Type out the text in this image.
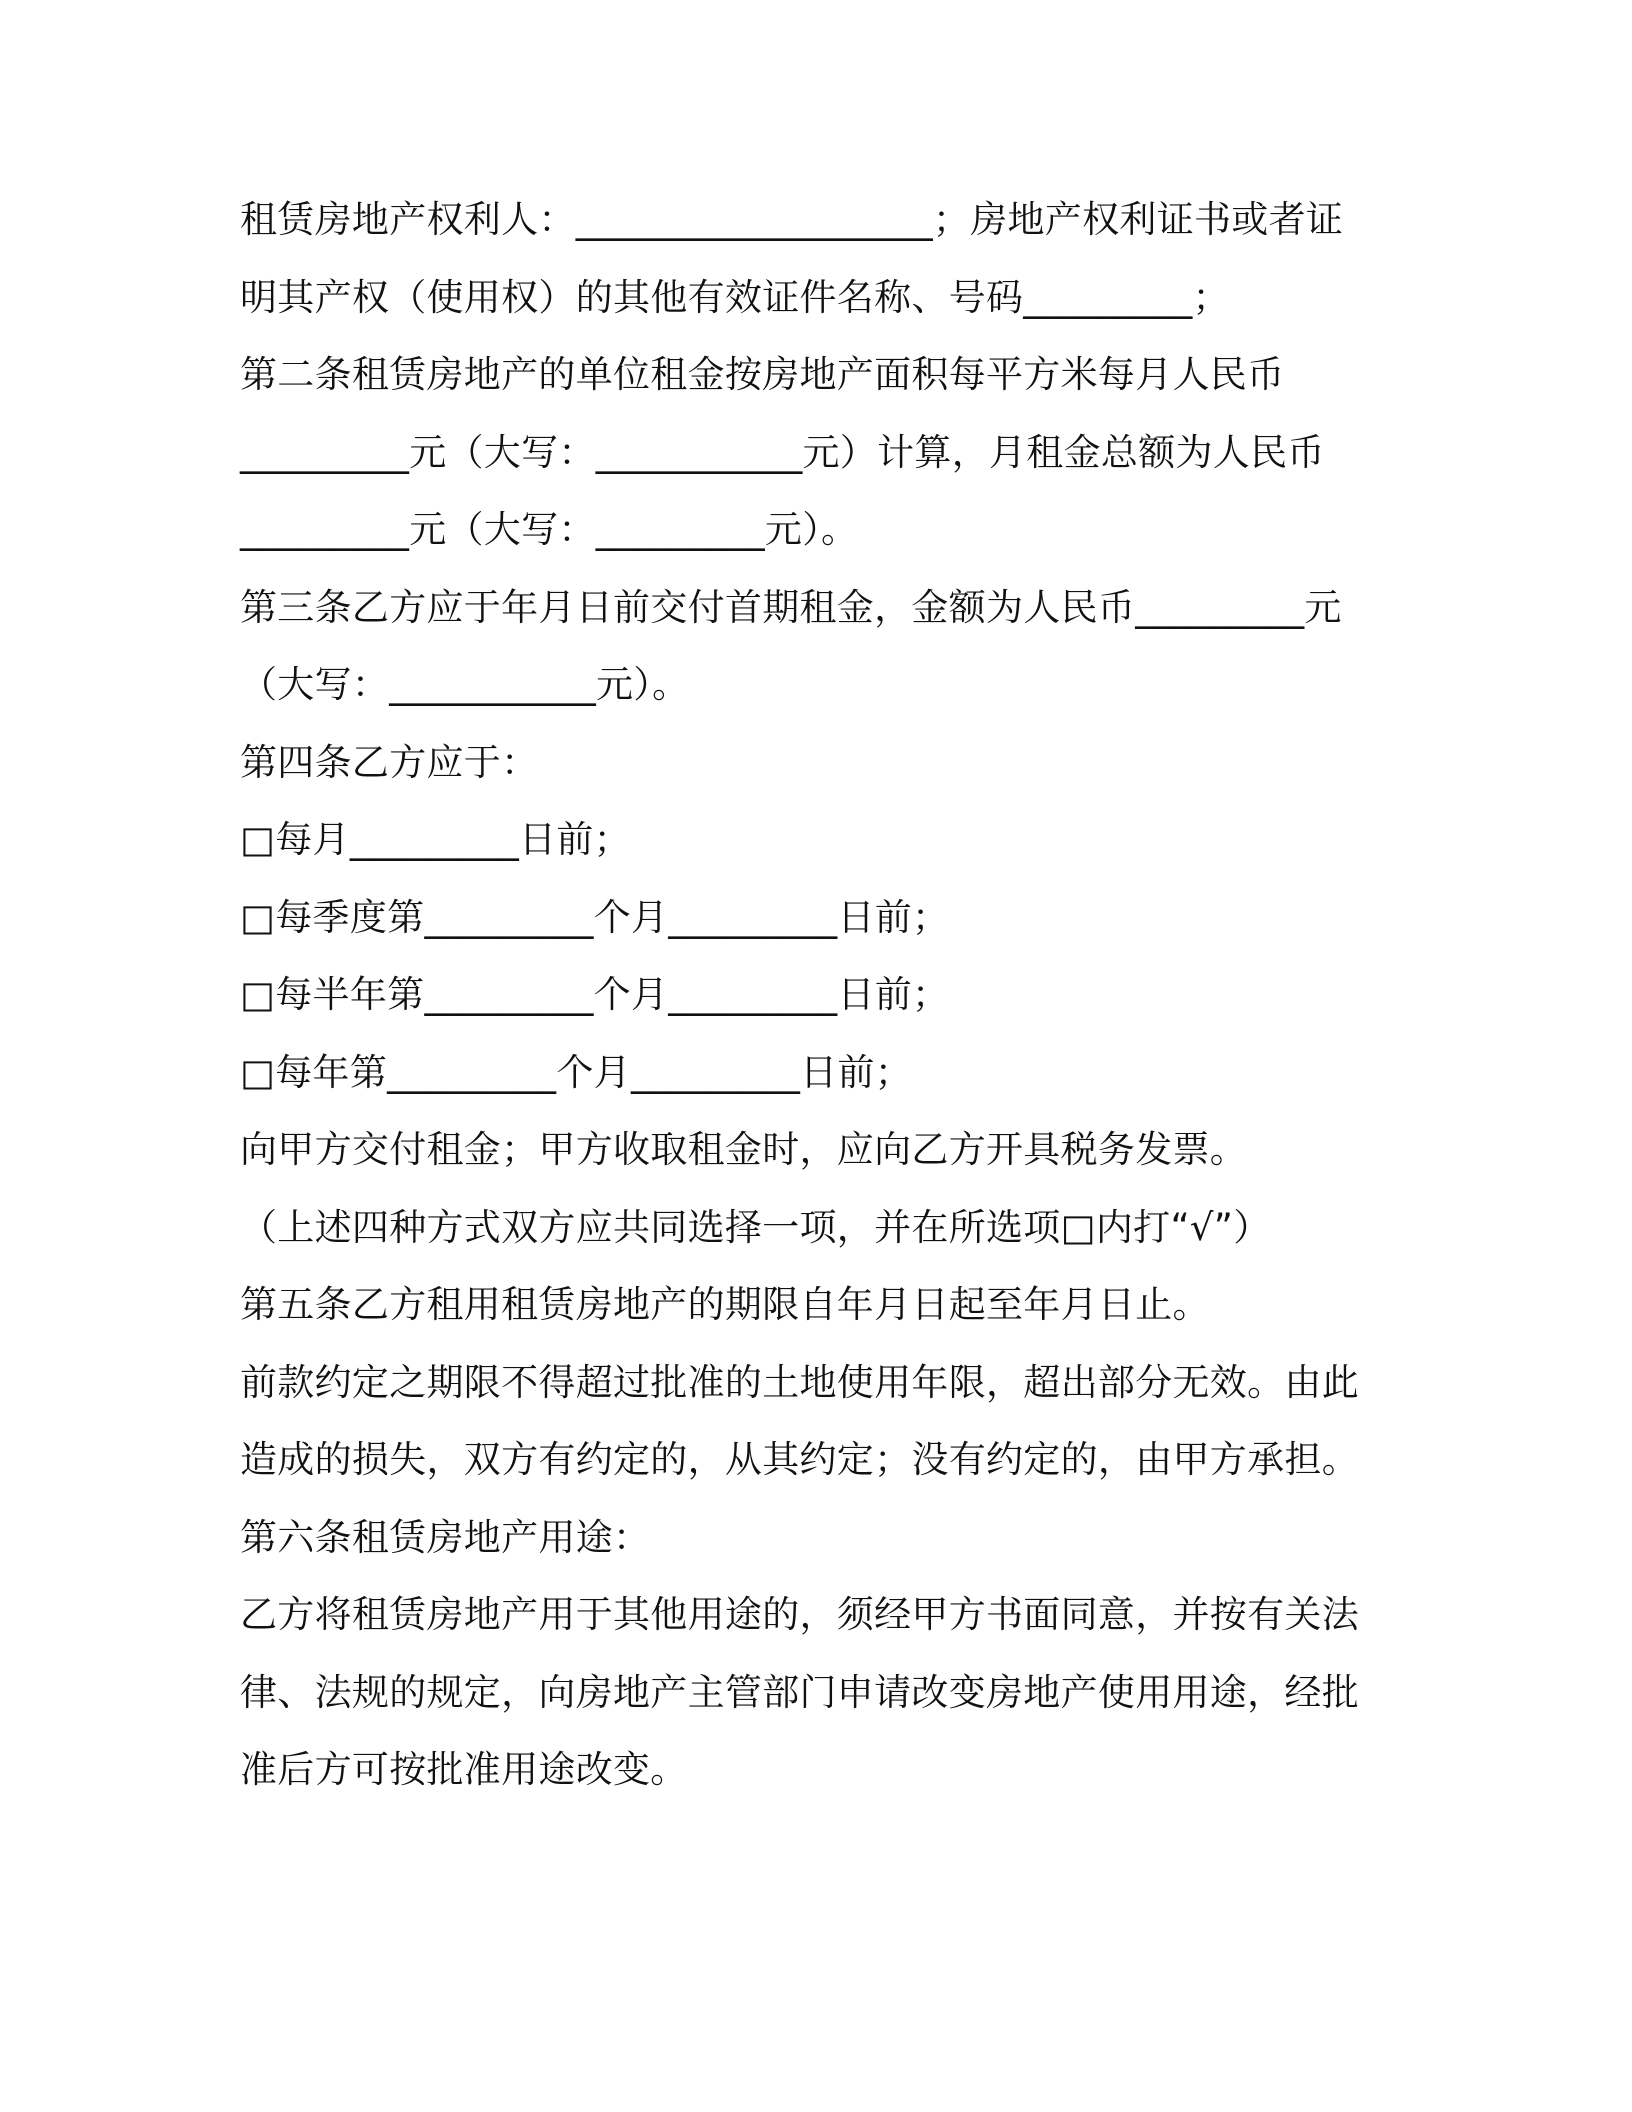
租赁房地产权利人：___________________；房地产权利证书或者证
明其产权（使用权）的其他有效证件名称、号码_________；
第二条租赁房地产的单位租金按房地产面积每平方米每月人民币
_________元（大写：___________元）计算，月租金总额为人民币
_________元（大写：_________元）。
第三条乙方应于年月日前交付首期租金，金额为人民币_________元
（大写：___________元）。
第四条乙方应于：
□每月_________日前；
□每季度第_________个月_________日前；
□每半年第_________个月_________日前；
□每年第_________个月_________日前；
向甲方交付租金；甲方收取租金时，应向乙方开具税务发票。
（上述四种方式双方应共同选择一项，并在所选项□内打“√”）
第五条乙方租用租赁房地产的期限自年月日起至年月日止。
前款约定之期限不得超过批准的土地使用年限，超出部分无效。由此
造成的损失，双方有约定的，从其约定；没有约定的，由甲方承担。
第六条租赁房地产用途：
乙方将租赁房地产用于其他用途的，须经甲方书面同意，并按有关法
律、法规的规定，向房地产主管部门申请改变房地产使用用途，经批
准后方可按批准用途改变。
